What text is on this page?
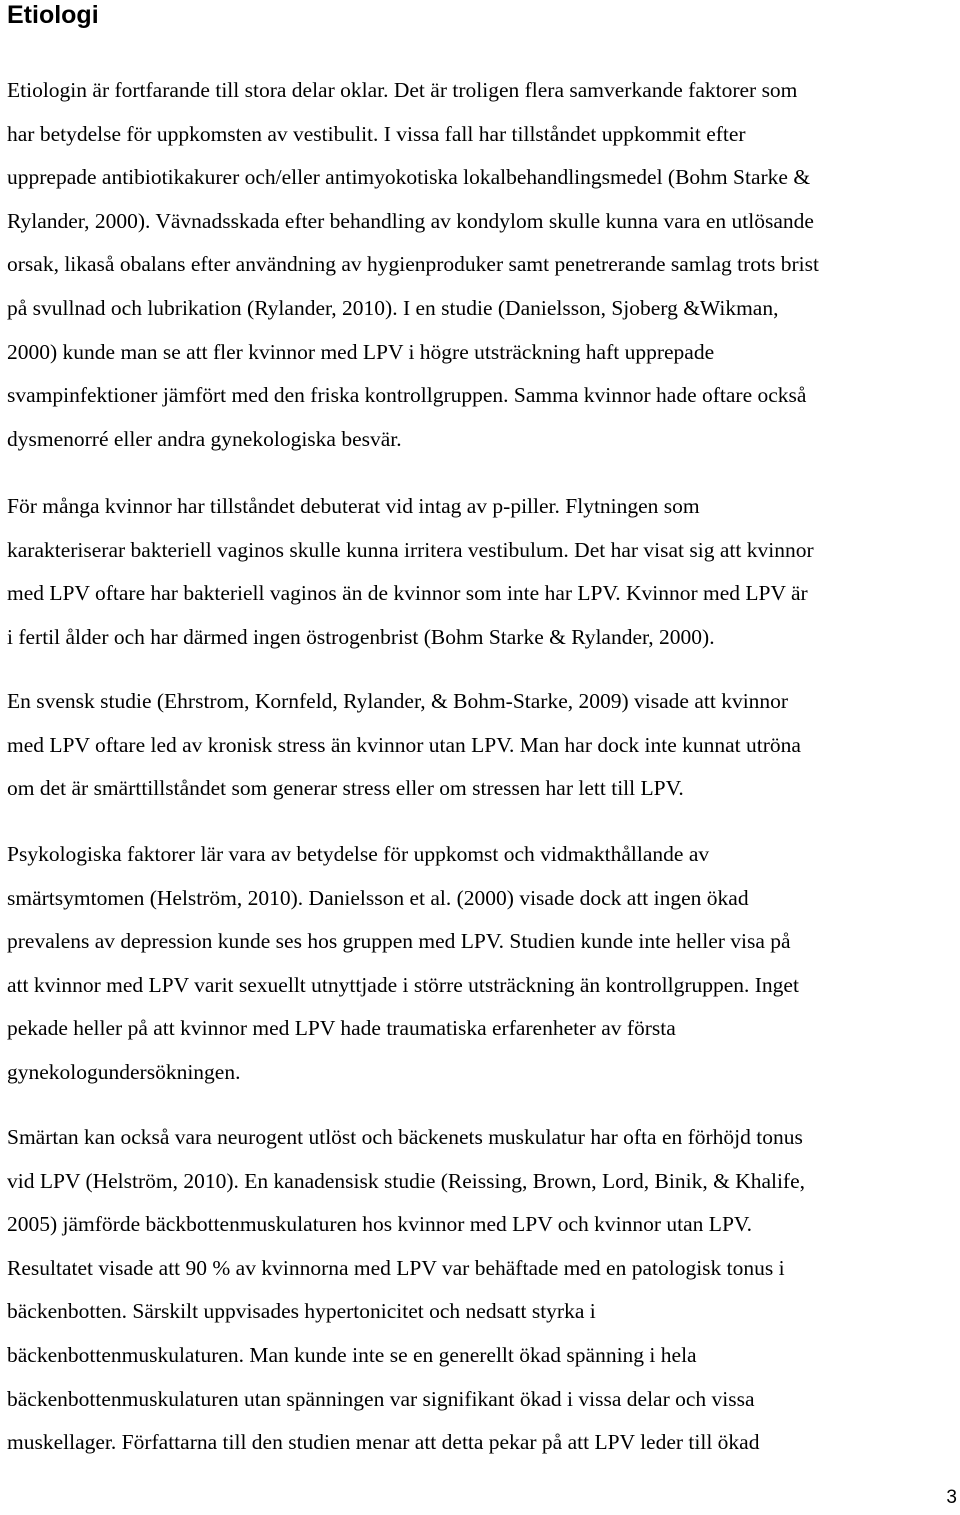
Etiologi

Etiologin är fortfarande till stora delar oklar. Det är troligen flera samverkande faktorer som
har betydelse för uppkomsten av vestibulit. I vissa fall har tillståndet uppkommit efter
upprepade antibiotikakurer och/eller antimyokotiska lokalbehandlingsmedel (Bohm Starke &
Rylander, 2000). Vävnadsskada efter behandling av kondylom skulle kunna vara en utlösande
orsak, likaså obalans efter användning av hygienproduker samt penetrerande samlag trots brist
på svullnad och lubrikation (Rylander, 2010). I en studie (Danielsson, Sjoberg &Wikman,
2000) kunde man se att fler kvinnor med LPV i högre utsträckning haft upprepade
svampinfektioner jämfört med den friska kontrollgruppen. Samma kvinnor hade oftare också
dysmenorré eller andra gynekologiska besvär.

För många kvinnor har tillståndet debuterat vid intag av p-piller. Flytningen som
karakteriserar bakteriell vaginos skulle kunna irritera vestibulum. Det har visat sig att kvinnor
med LPV oftare har bakteriell vaginos än de kvinnor som inte har LPV. Kvinnor med LPV är
i fertil ålder och har därmed ingen östrogenbrist (Bohm Starke & Rylander, 2000).

En svensk studie (Ehrstrom, Kornfeld, Rylander, & Bohm-Starke, 2009) visade att kvinnor
med LPV oftare led av kronisk stress än kvinnor utan LPV. Man har dock inte kunnat utröna
om det är smärttillståndet som generar stress eller om stressen har lett till LPV.

Psykologiska faktorer lär vara av betydelse för uppkomst och vidmakthållande av
smärtsymtomen (Helström, 2010). Danielsson et al. (2000) visade dock att ingen ökad
prevalens av depression kunde ses hos gruppen med LPV. Studien kunde inte heller visa på
att kvinnor med LPV varit sexuellt utnyttjade i större utsträckning än kontrollgruppen. Inget
pekade heller på att kvinnor med LPV hade traumatiska erfarenheter av första
gynekologundersökningen.

Smärtan kan också vara neurogent utlöst och bäckenets muskulatur har ofta en förhöjd tonus
vid LPV (Helström, 2010). En kanadensisk studie (Reissing, Brown, Lord, Binik, & Khalife,
2005) jämförde bäckbottenmuskulaturen hos kvinnor med LPV och kvinnor utan LPV.
Resultatet visade att 90 % av kvinnorna med LPV var behäftade med en patologisk tonus i
bäckenbotten. Särskilt uppvisades hypertonicitet och nedsatt styrka i
bäckenbottenmuskulaturen. Man kunde inte se en generellt ökad spänning i hela
bäckenbottenmuskulaturen utan spänningen var signifikant ökad i vissa delar och vissa
muskellager. Författarna till den studien menar att detta pekar på att LPV leder till ökad

3
